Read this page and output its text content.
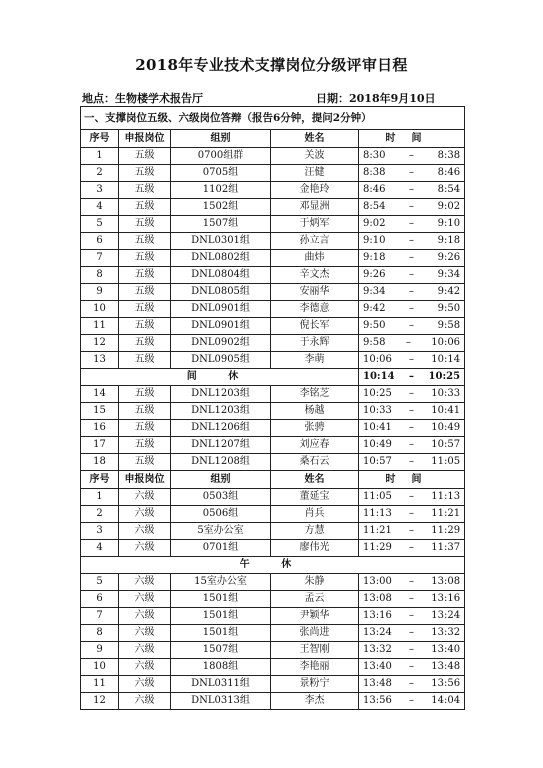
2018年专业技术支撑岗位分级评审日程
地点：生物楼学术报告厅	日期：2018年9月10日
一、支撑岗位五级、六级岗位答辩（报告6分钟，提问2分钟）				
序号	申报岗位	组别	姓名	时间
1	五级	0700组群	关波	8:30 – 8:38

2	五级	0705组	汪健	8:38 – 8:46

3	五级	1102组	金艳玲	8:46 – 8:54

4	五级	1502组	邓显洲	8:54 – 9:02

5	五级	1507组	于炳军	9:02 – 9:10

6	五级	DNL0301组	孙立言	9:10 – 9:18

7	五级	DNL0802组	曲炜	9:18 – 9:26

8	五级	DNL0804组	辛文杰	9:26 – 9:34

9	五级	DNL0805组	安丽华	9:34 – 9:42

10	五级	DNL0901组	李德意	9:42 – 9:50

11	五级	DNL0901组	倪长军	9:50 – 9:58

12	五级	DNL0902组	于永辉	9:58 – 10:06

13	五级	DNL0905组	李萌	10:06 – 10:14

间 休				10:14 – 10:25

14	五级	DNL1203组	李铭芝	10:25 – 10:33

15	五级	DNL1203组	杨越	10:33 – 10:41

16	五级	DNL1206组	张骋	10:41 – 10:49

17	五级	DNL1207组	刘应春	10:49 – 10:57

18	五级	DNL1208组	桑石云	10:57 – 11:05

序号	申报岗位	组别	姓名	时间
1	六级	0503组	董延宝	11:05 – 11:13

2	六级	0506组	肖兵	11:13 – 11:21

3	六级	5室办公室	方慧	11:21 – 11:29

4	六级	0701组	廖伟光	11:29 – 11:37

午 休				
5	六级	15室办公室	朱静	13:00 – 13:08

6	六级	1501组	孟云	13:08 – 13:16

7	六级	1501组	尹颖华	13:16 – 13:24

8	六级	1501组	张尚进	13:24 – 13:32

9	六级	1507组	王智刚	13:32 – 13:40

10	六级	1808组	李艳丽	13:40 – 13:48

11	六级	DNL0311组	景粉宁	13:48 – 13:56

12	六级	DNL0313组	李杰	13:56 – 14:04
